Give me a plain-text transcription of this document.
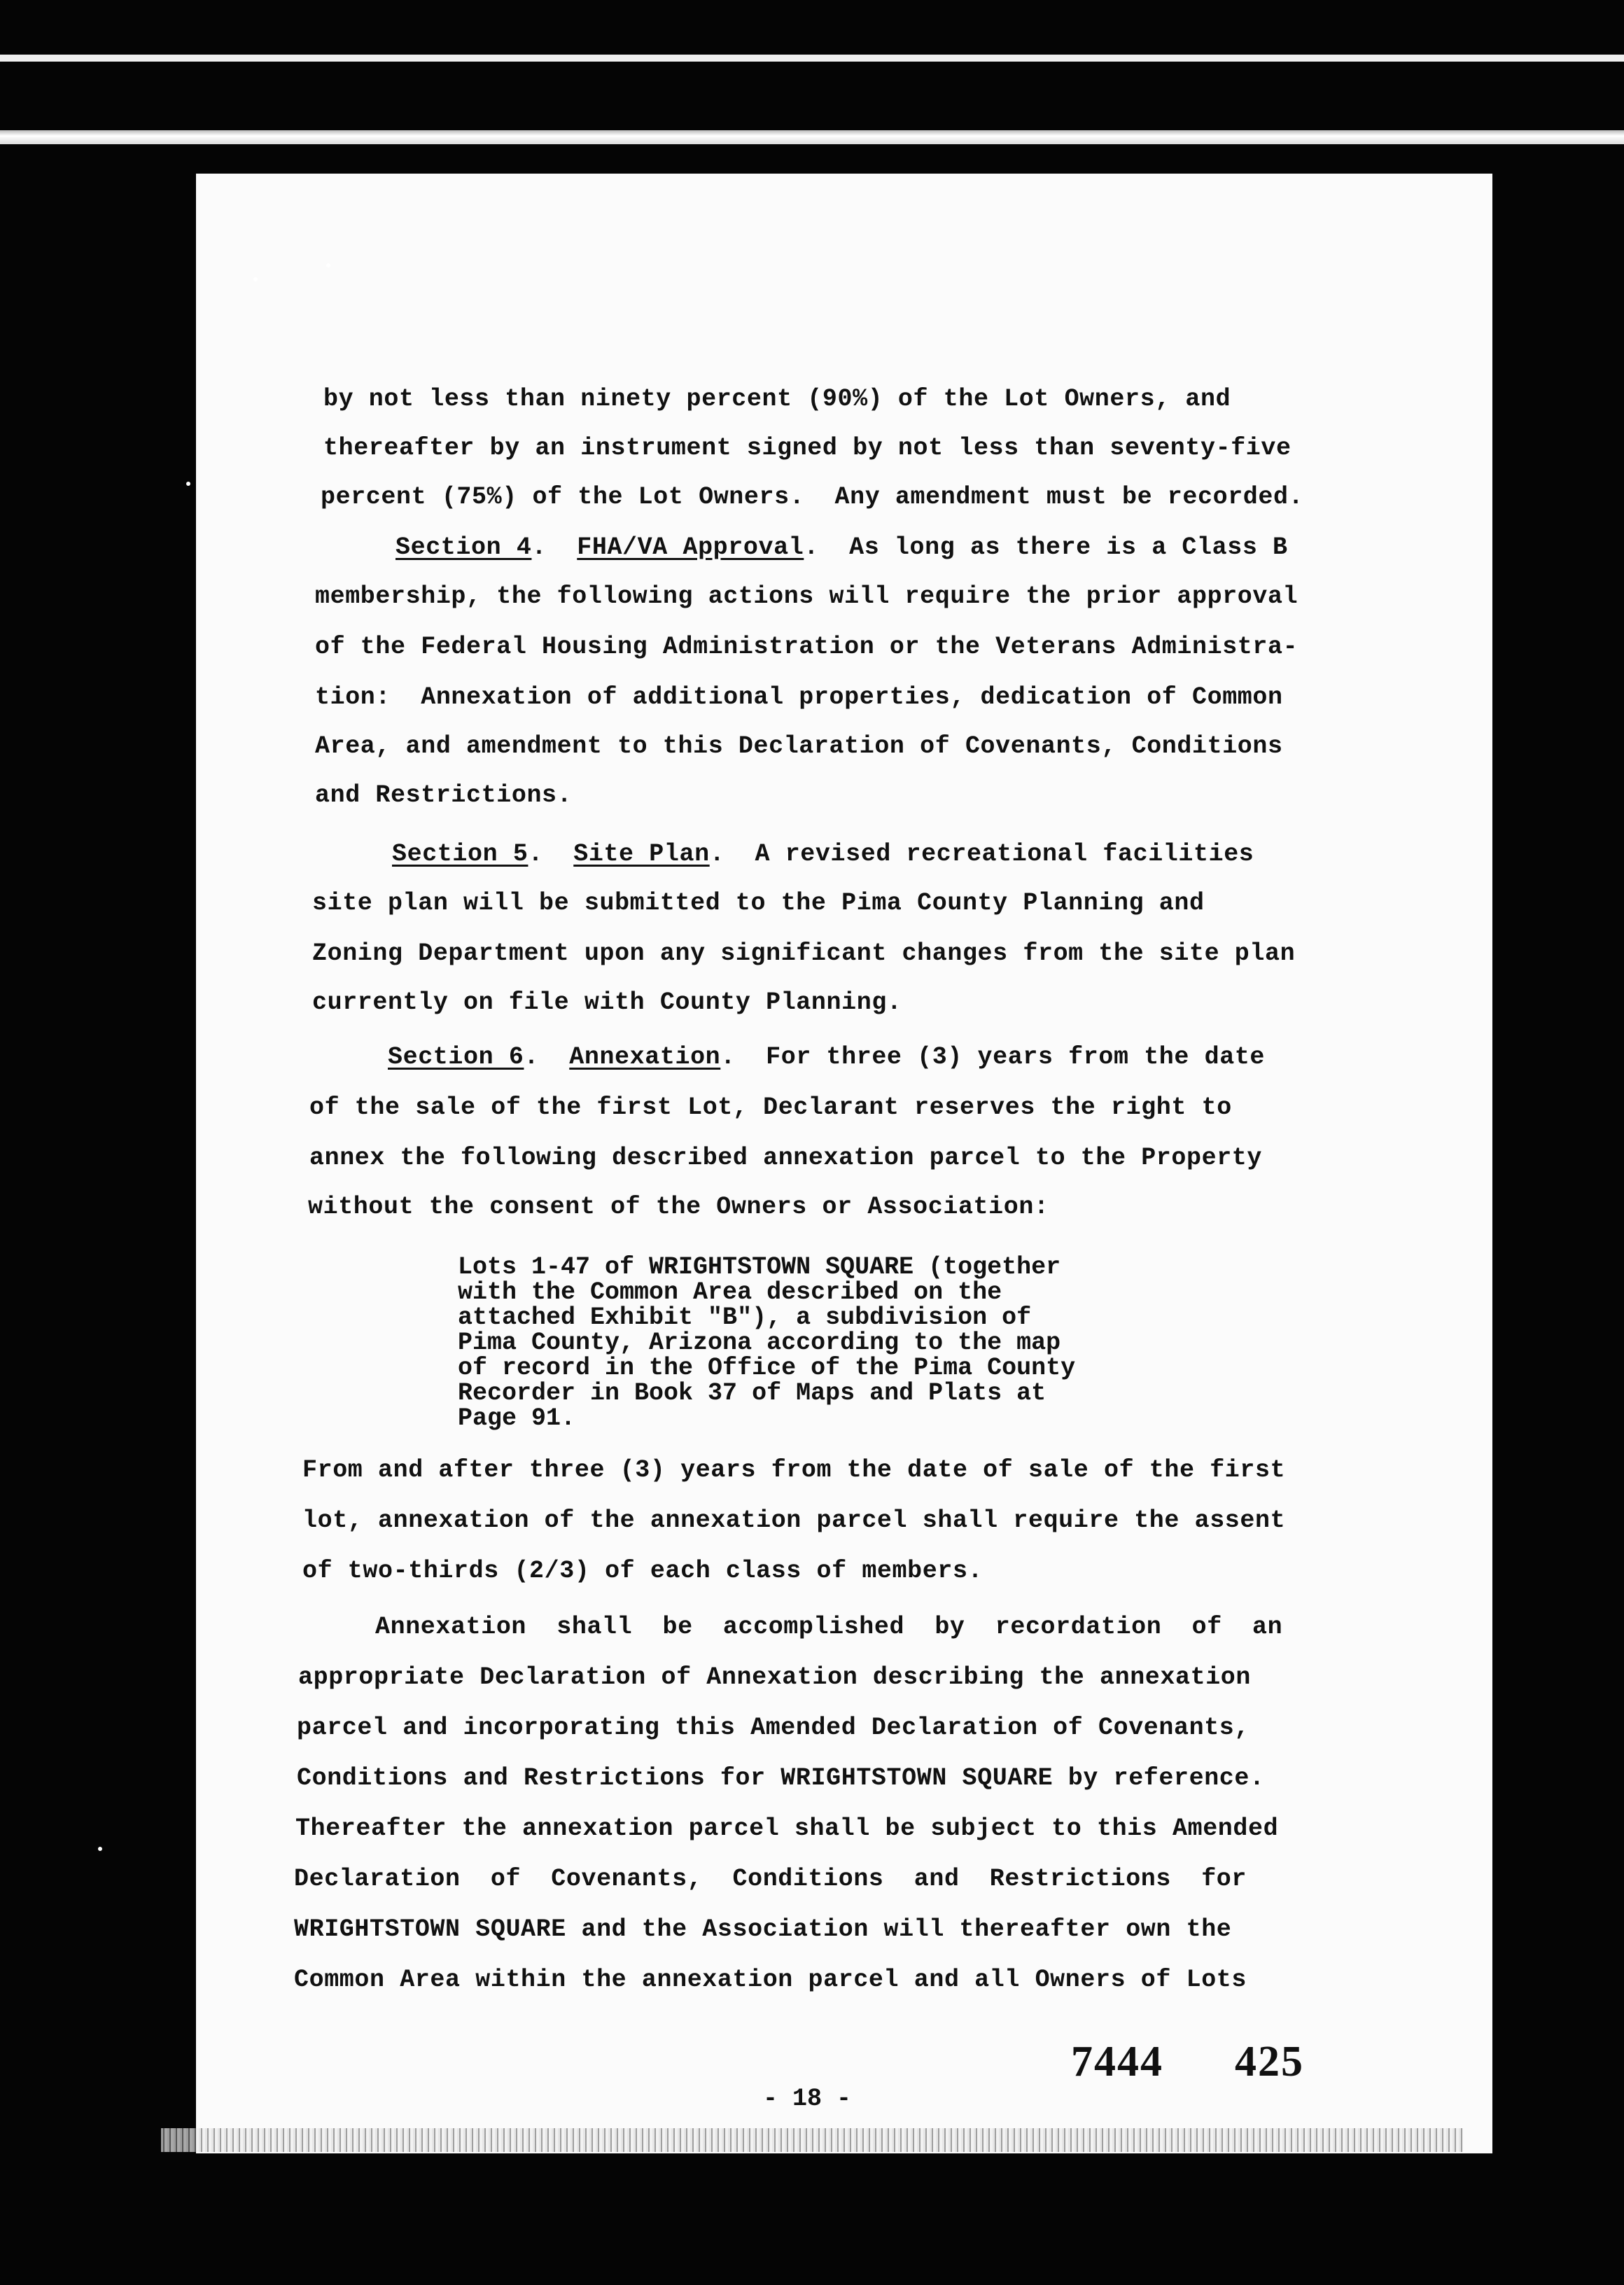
by not less than ninety percent (90%) of the Lot Owners, and
thereafter by an instrument signed by not less than seventy-five
percent (75%) of the Lot Owners.  Any amendment must be recorded.
Section 4.  FHA/VA Approval.  As long as there is a Class B
membership, the following actions will require the prior approval
of the Federal Housing Administration or the Veterans Administra-
tion:  Annexation of additional properties, dedication of Common
Area, and amendment to this Declaration of Covenants, Conditions
and Restrictions.
Section 5.  Site Plan.  A revised recreational facilities
site plan will be submitted to the Pima County Planning and
Zoning Department upon any significant changes from the site plan
currently on file with County Planning.
Section 6.  Annexation.  For three (3) years from the date
of the sale of the first Lot, Declarant reserves the right to
annex the following described annexation parcel to the Property
without the consent of the Owners or Association:
Lots 1-47 of WRIGHTSTOWN SQUARE (together
with the Common Area described on the
attached Exhibit "B"), a subdivision of
Pima County, Arizona according to the map
of record in the Office of the Pima County
Recorder in Book 37 of Maps and Plats at
Page 91.
From and after three (3) years from the date of sale of the first
lot, annexation of the annexation parcel shall require the assent
of two-thirds (2/3) of each class of members.
Annexation  shall  be  accomplished  by  recordation  of  an
appropriate Declaration of Annexation describing the annexation
parcel and incorporating this Amended Declaration of Covenants,
Conditions and Restrictions for WRIGHTSTOWN SQUARE by reference.
Thereafter the annexation parcel shall be subject to this Amended
Declaration  of  Covenants,  Conditions  and  Restrictions  for
WRIGHTSTOWN SQUARE and the Association will thereafter own the
Common Area within the annexation parcel and all Owners of Lots
7444 425
- 18 -
